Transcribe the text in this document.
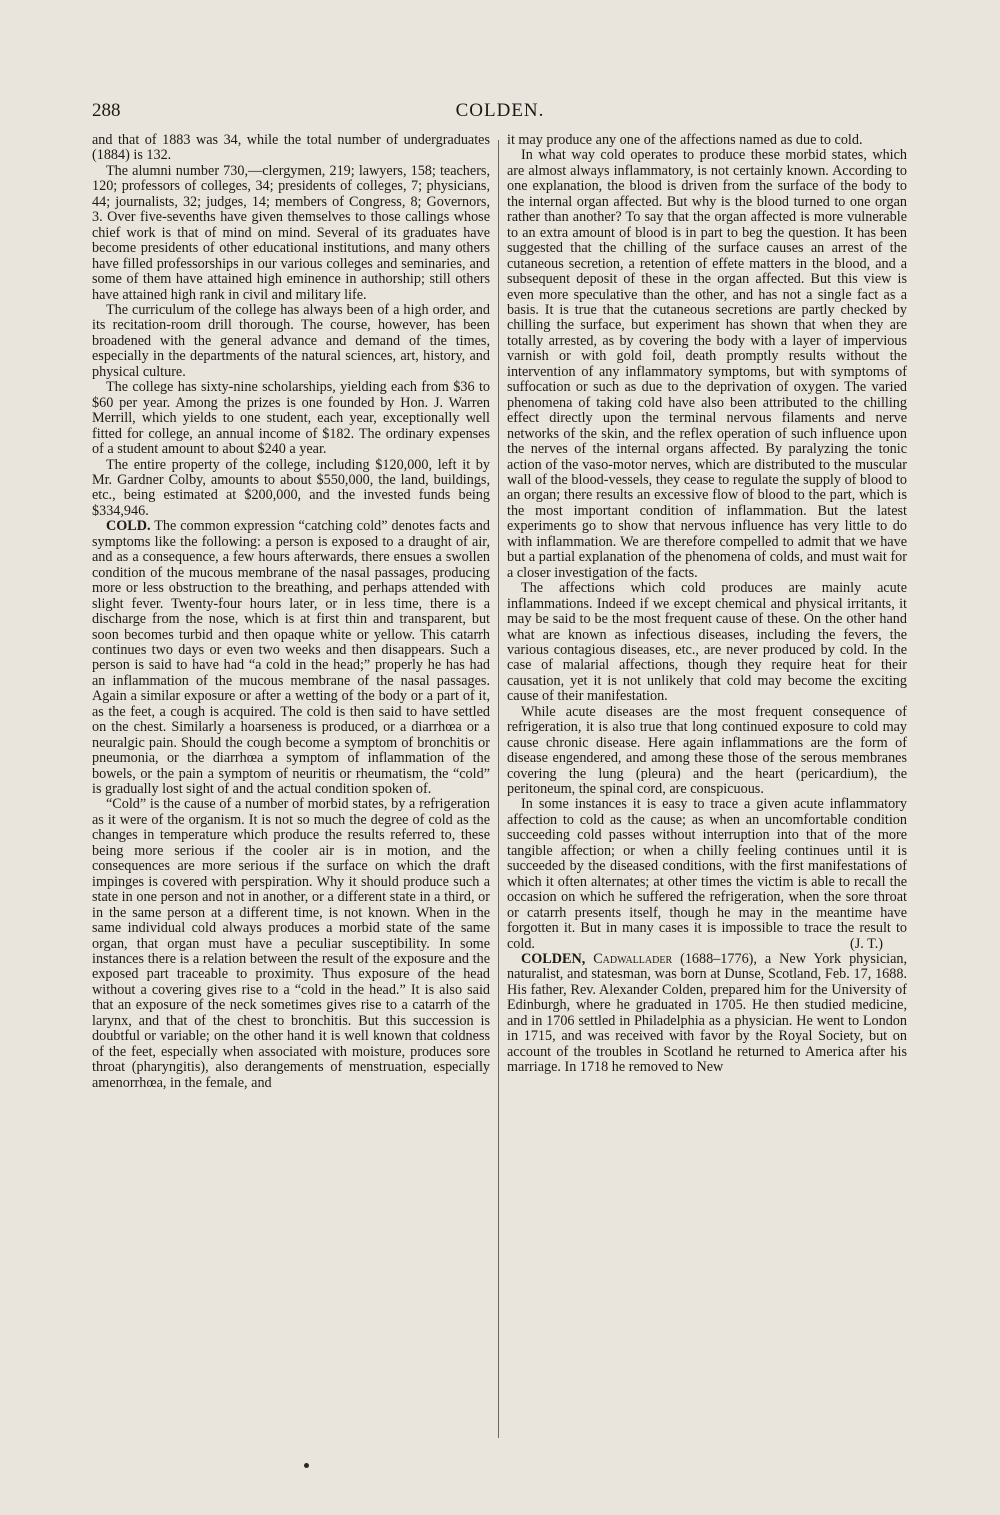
288	COLDEN.

and that of 1883 was 34, while the total number of undergraduates (1884) is 132.

The alumni number 730,—clergymen, 219; lawyers, 158; teachers, 120; professors of colleges, 34; presidents of colleges, 7; physicians, 44; journalists, 32; judges, 14; members of Congress, 8; Governors, 3. Over five-sevenths have given themselves to those callings whose chief work is that of mind on mind. Several of its graduates have become presidents of other educational institutions, and many others have filled professorships in our various colleges and seminaries, and some of them have attained high eminence in authorship; still others have attained high rank in civil and military life.

The curriculum of the college has always been of a high order, and its recitation-room drill thorough. The course, however, has been broadened with the general advance and demand of the times, especially in the departments of the natural sciences, art, history, and physical culture.

The college has sixty-nine scholarships, yielding each from $36 to $60 per year. Among the prizes is one founded by Hon. J. Warren Merrill, which yields to one student, each year, exceptionally well fitted for college, an annual income of $182. The ordinary expenses of a student amount to about $240 a year.

The entire property of the college, including $120,000, left it by Mr. Gardner Colby, amounts to about $550,000, the land, buildings, etc., being estimated at $200,000, and the invested funds being $334,946.

COLD. The common expression “catching cold” denotes facts and symptoms like the following: a person is exposed to a draught of air, and as a consequence, a few hours afterwards, there ensues a swollen condition of the mucous membrane of the nasal passages, producing more or less obstruction to the breathing, and perhaps attended with slight fever. Twenty-four hours later, or in less time, there is a discharge from the nose, which is at first thin and transparent, but soon becomes turbid and then opaque white or yellow. This catarrh continues two days or even two weeks and then disappears. Such a person is said to have had “a cold in the head;” properly he has had an inflammation of the mucous membrane of the nasal passages. Again a similar exposure or after a wetting of the body or a part of it, as the feet, a cough is acquired. The cold is then said to have settled on the chest. Similarly a hoarseness is produced, or a diarrhœa or a neuralgic pain. Should the cough become a symptom of bronchitis or pneumonia, or the diarrhœa a symptom of inflammation of the bowels, or the pain a symptom of neuritis or rheumatism, the “cold” is gradually lost sight of and the actual condition spoken of.

“Cold” is the cause of a number of morbid states, by a refrigeration as it were of the organism. It is not so much the degree of cold as the changes in temperature which produce the results referred to, these being more serious if the cooler air is in motion, and the consequences are more serious if the surface on which the draft impinges is covered with perspiration. Why it should produce such a state in one person and not in another, or a different state in a third, or in the same person at a different time, is not known. When in the same individual cold always produces a morbid state of the same organ, that organ must have a peculiar susceptibility. In some instances there is a relation between the result of the exposure and the exposed part traceable to proximity. Thus exposure of the head without a covering gives rise to a “cold in the head.” It is also said that an exposure of the neck sometimes gives rise to a catarrh of the larynx, and that of the chest to bronchitis. But this succession is doubtful or variable; on the other hand it is well known that coldness of the feet, especially when associated with moisture, produces sore throat (pharyngitis), also derangements of menstruation, especially amenorrhœa, in the female, and

it may produce any one of the affections named as due to cold.

In what way cold operates to produce these morbid states, which are almost always inflammatory, is not certainly known. According to one explanation, the blood is driven from the surface of the body to the internal organ affected. But why is the blood turned to one organ rather than another? To say that the organ affected is more vulnerable to an extra amount of blood is in part to beg the question. It has been suggested that the chilling of the surface causes an arrest of the cutaneous secretion, a retention of effete matters in the blood, and a subsequent deposit of these in the organ affected. But this view is even more speculative than the other, and has not a single fact as a basis. It is true that the cutaneous secretions are partly checked by chilling the surface, but experiment has shown that when they are totally arrested, as by covering the body with a layer of impervious varnish or with gold foil, death promptly results without the intervention of any inflammatory symptoms, but with symptoms of suffocation or such as due to the deprivation of oxygen. The varied phenomena of taking cold have also been attributed to the chilling effect directly upon the terminal nervous filaments and nerve networks of the skin, and the reflex operation of such influence upon the nerves of the internal organs affected. By paralyzing the tonic action of the vaso-motor nerves, which are distributed to the muscular wall of the blood-vessels, they cease to regulate the supply of blood to an organ; there results an excessive flow of blood to the part, which is the most important condition of inflammation. But the latest experiments go to show that nervous influence has very little to do with inflammation. We are therefore compelled to admit that we have but a partial explanation of the phenomena of colds, and must wait for a closer investigation of the facts.

The affections which cold produces are mainly acute inflammations. Indeed if we except chemical and physical irritants, it may be said to be the most frequent cause of these. On the other hand what are known as infectious diseases, including the fevers, the various contagious diseases, etc., are never produced by cold. In the case of malarial affections, though they require heat for their causation, yet it is not unlikely that cold may become the exciting cause of their manifestation.

While acute diseases are the most frequent consequence of refrigeration, it is also true that long continued exposure to cold may cause chronic disease. Here again inflammations are the form of disease engendered, and among these those of the serous membranes covering the lung (pleura) and the heart (pericardium), the peritoneum, the spinal cord, are conspicuous.

In some instances it is easy to trace a given acute inflammatory affection to cold as the cause; as when an uncomfortable condition succeeding cold passes without interruption into that of the more tangible affection; or when a chilly feeling continues until it is succeeded by the diseased conditions, with the first manifestations of which it often alternates; at other times the victim is able to recall the occasion on which he suffered the refrigeration, when the sore throat or catarrh presents itself, though he may in the meantime have forgotten it. But in many cases it is impossible to trace the result to cold.	(J. T.)

COLDEN, Cadwallader (1688–1776), a New York physician, naturalist, and statesman, was born at Dunse, Scotland, Feb. 17, 1688. His father, Rev. Alexander Colden, prepared him for the University of Edinburgh, where he graduated in 1705. He then studied medicine, and in 1706 settled in Philadelphia as a physician. He went to London in 1715, and was received with favor by the Royal Society, but on account of the troubles in Scotland he returned to America after his marriage. In 1718 he removed to New
